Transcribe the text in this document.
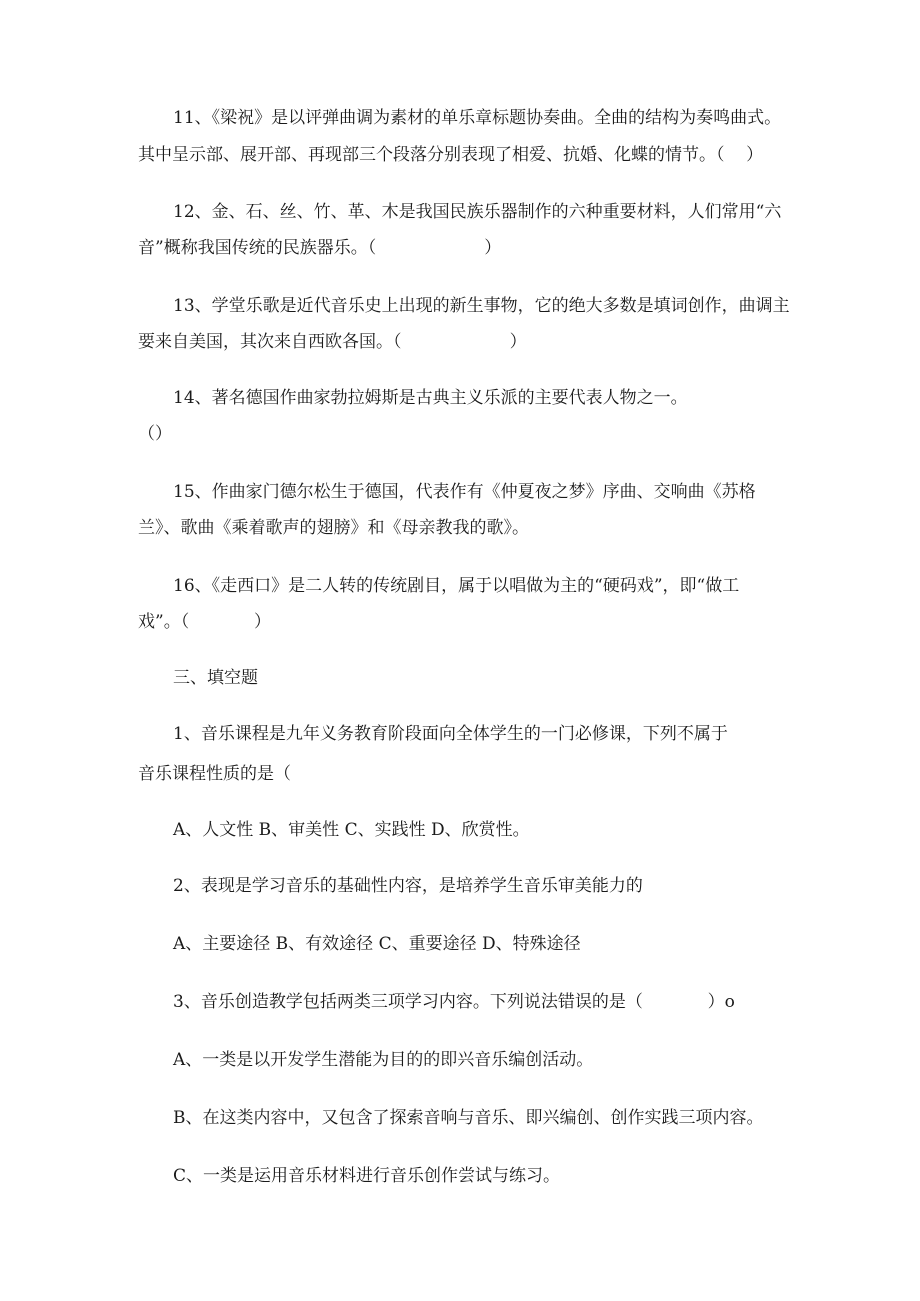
11、《梁祝》是以评弹曲调为素材的单乐章标题协奏曲。全曲的结构为奏鸣曲式。

其中呈示部、展开部、再现部三个段落分别表现了相爱、抗婚、化蝶的情节。（    ）

12、金、石、丝、竹、革、木是我国民族乐器制作的六种重要材料，人们常用“六

音”概称我国传统的民族器乐。（                    ）

13、学堂乐歌是近代音乐史上出现的新生事物，它的绝大多数是填词创作，曲调主

要来自美国，其次来自西欧各国。（                    ）

14、著名德国作曲家勃拉姆斯是古典主义乐派的主要代表人物之一。

（）

15、作曲家门德尔松生于德国，代表作有《仲夏夜之梦》序曲、交响曲《苏格

兰》、歌曲《乘着歌声的翅膀》和《母亲教我的歌》。

16、《走西口》是二人转的传统剧目，属于以唱做为主的“硬码戏”，即“做工

戏”。（            ）

三、填空题

1、音乐课程是九年义务教育阶段面向全体学生的一门必修课，下列不属于

音乐课程性质的是（

A、人文性 B、审美性 C、实践性 D、欣赏性。

2、表现是学习音乐的基础性内容，是培养学生音乐审美能力的

A、主要途径 B、有效途径 C、重要途径 D、特殊途径

3、音乐创造教学包括两类三项学习内容。下列说法错误的是（            ）o

A、一类是以开发学生潜能为目的的即兴音乐编创活动。

B、在这类内容中，又包含了探索音响与音乐、即兴编创、创作实践三项内容。

C、一类是运用音乐材料进行音乐创作尝试与练习。
